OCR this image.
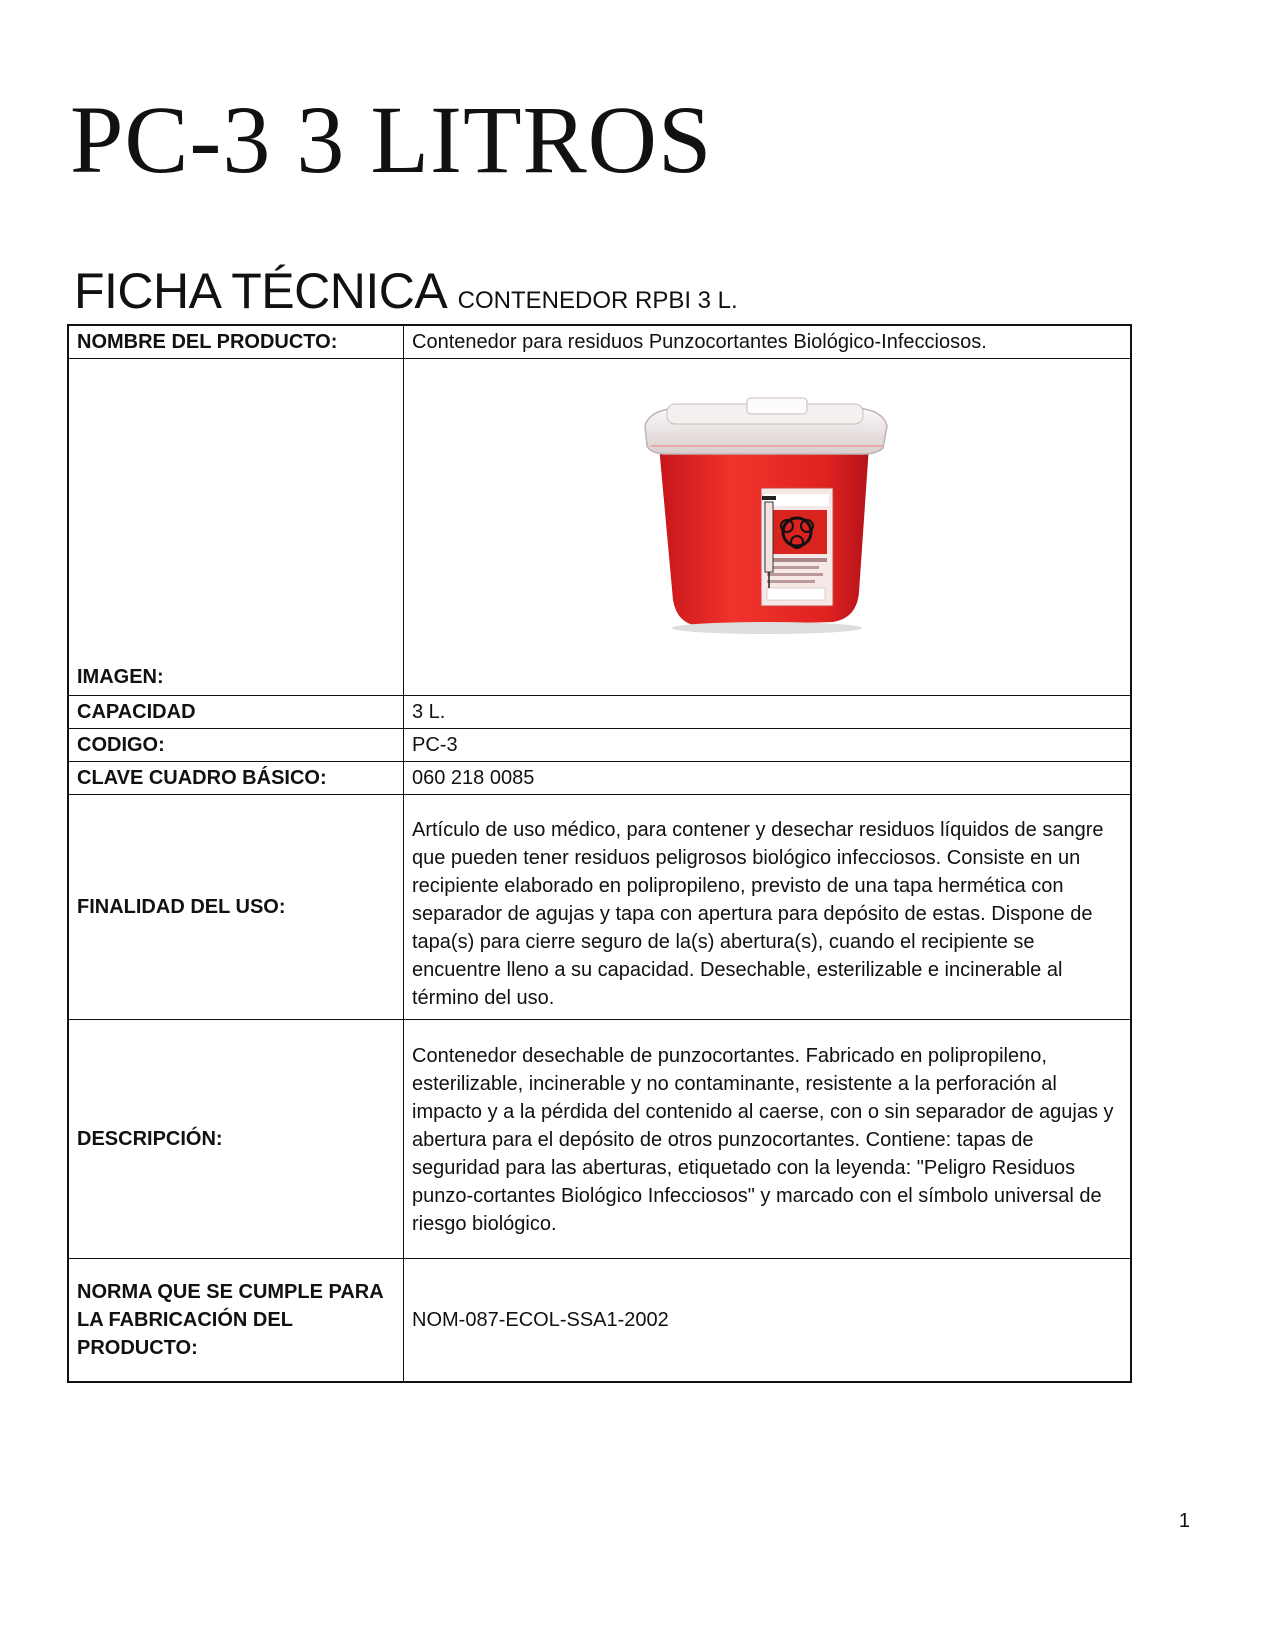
PC-3 3 LITROS
FICHA TÉCNICA CONTENEDOR RPBI 3 L.
NOMBRE DEL PRODUCTO:	Contenedor para residuos Punzocortantes Biológico-Infecciosos.
IMAGEN:	
CAPACIDAD	3 L.
CODIGO:	PC-3
CLAVE CUADRO BÁSICO:	060 218 0085
FINALIDAD DEL USO:	Artículo de uso médico, para contener y desechar residuos líquidos de sangre que pueden tener residuos peligrosos biológico infecciosos. Consiste en un recipiente elaborado en polipropileno, previsto de una tapa hermética con separador de agujas y tapa con apertura para depósito de estas. Dispone de tapa(s) para cierre seguro de la(s) abertura(s), cuando el recipiente se encuentre lleno a su capacidad. Desechable, esterilizable e incinerable al término del uso.
DESCRIPCIÓN:	Contenedor desechable de punzocortantes. Fabricado en polipropileno, esterilizable, incinerable y no contaminante, resistente a la perforación al impacto y a la pérdida del contenido al caerse, con o sin separador de agujas y abertura para el depósito de otros punzocortantes. Contiene: tapas de seguridad para las aberturas, etiquetado con la leyenda: "Peligro Residuos punzo-cortantes Biológico Infecciosos" y marcado con el símbolo universal de riesgo biológico.
NORMA QUE SE CUMPLE PARA LA FABRICACIÓN DEL PRODUCTO:	NOM-087-ECOL-SSA1-2002
1
